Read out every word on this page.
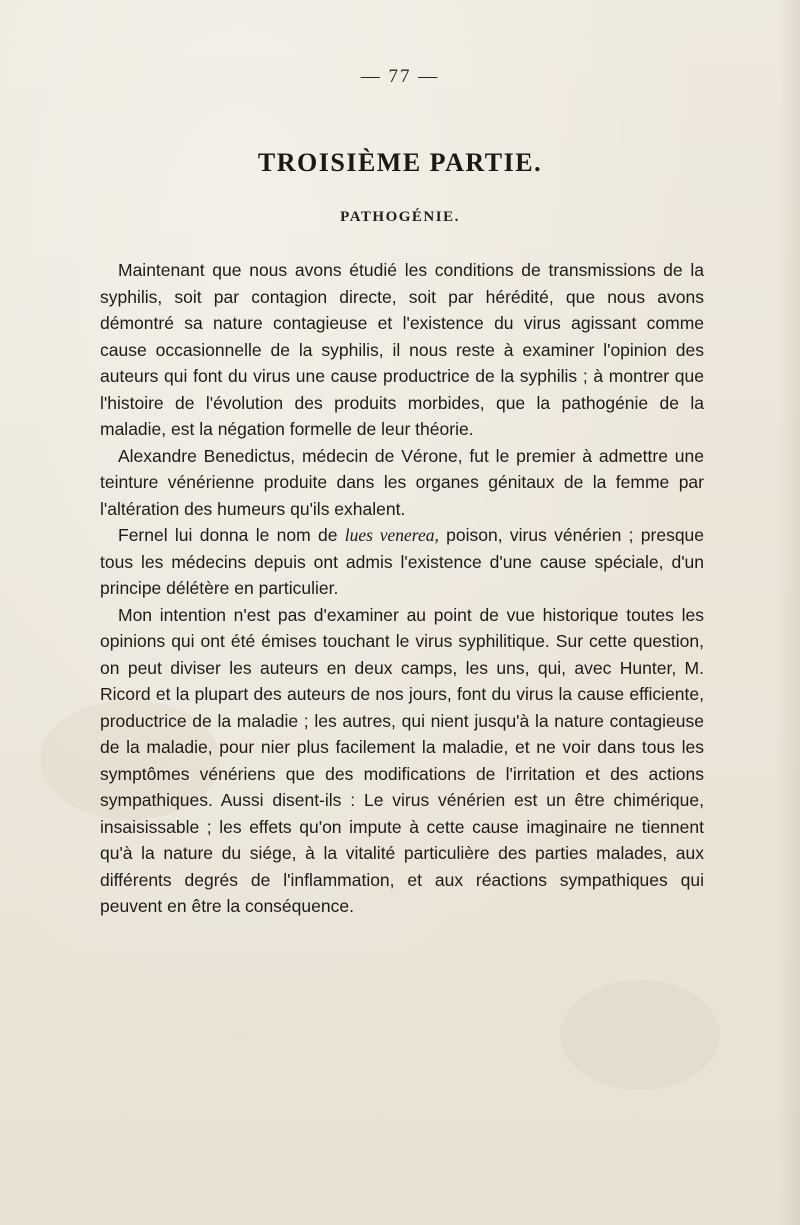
— 77 —
TROISIÈME PARTIE.
PATHOGÉNIE.

Maintenant que nous avons étudié les conditions de transmissions de la syphilis, soit par contagion directe, soit par hérédité, que nous avons démontré sa nature contagieuse et l'existence du virus agissant comme cause occasionnelle de la syphilis, il nous reste à examiner l'opinion des auteurs qui font du virus une cause productrice de la syphilis ; à montrer que l'histoire de l'évolution des produits morbides, que la pathogénie de la maladie, est la négation formelle de leur théorie.

Alexandre Benedictus, médecin de Vérone, fut le premier à admettre une teinture vénérienne produite dans les organes génitaux de la femme par l'altération des humeurs qu'ils exhalent.

Fernel lui donna le nom de lues venerea, poison, virus vénérien ; presque tous les médecins depuis ont admis l'existence d'une cause spéciale, d'un principe délétère en particulier.

Mon intention n'est pas d'examiner au point de vue historique toutes les opinions qui ont été émises touchant le virus syphilitique. Sur cette question, on peut diviser les auteurs en deux camps, les uns, qui, avec Hunter, M. Ricord et la plupart des auteurs de nos jours, font du virus la cause efficiente, productrice de la maladie ; les autres, qui nient jusqu'à la nature contagieuse de la maladie, pour nier plus facilement la maladie, et ne voir dans tous les symptômes vénériens que des modifications de l'irritation et des actions sympathiques. Aussi disent-ils : Le virus vénérien est un être chimérique, insaisissable ; les effets qu'on impute à cette cause imaginaire ne tiennent qu'à la nature du siége, à la vitalité particulière des parties malades, aux différents degrés de l'inflammation, et aux réactions sympathiques qui peuvent en être la conséquence.
